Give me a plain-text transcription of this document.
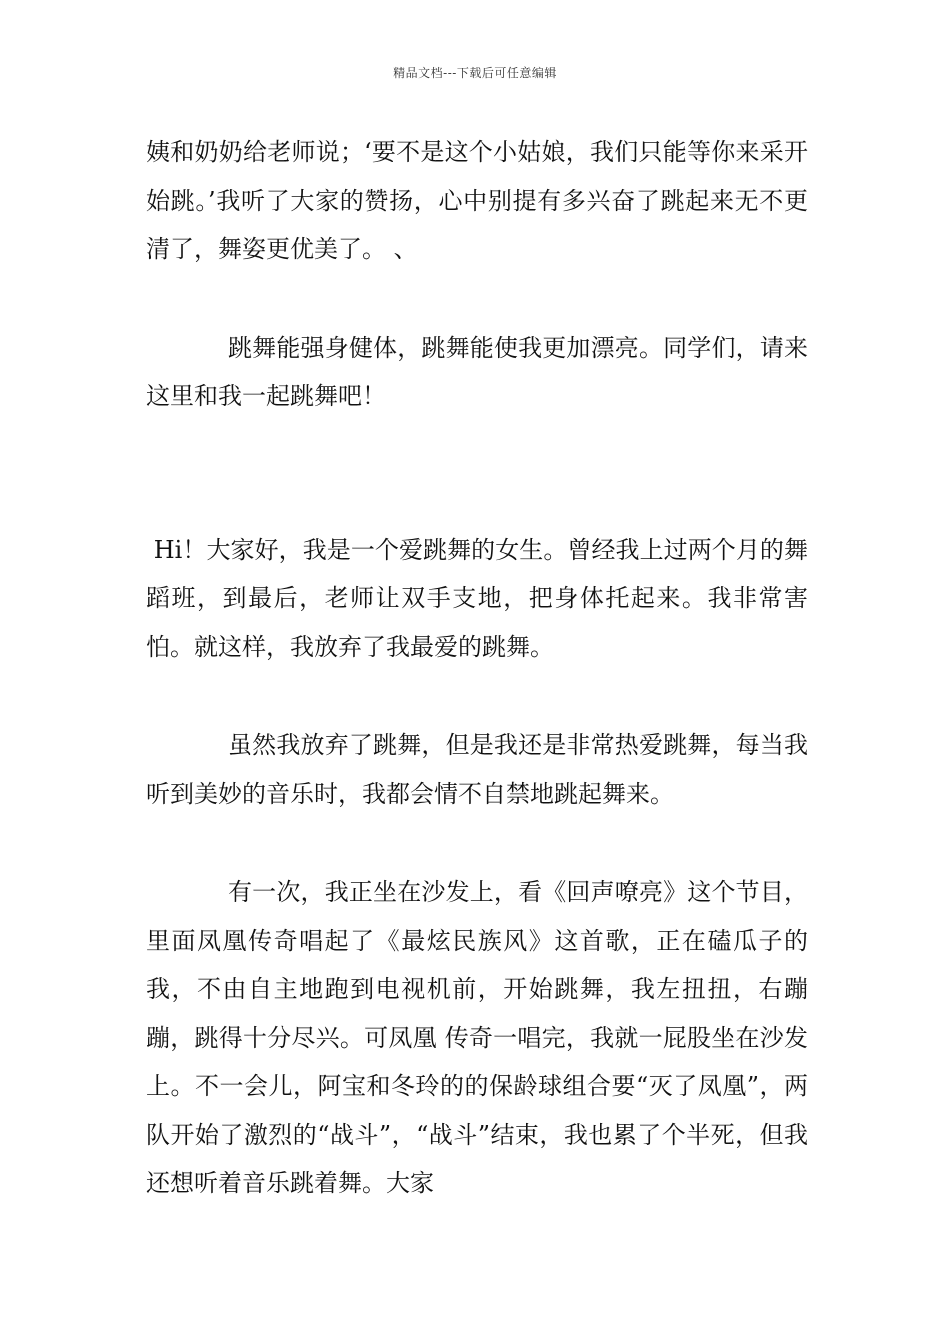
精品文档---下载后可任意编辑

姨和奶奶给老师说；‘要不是这个小姑娘，我们只能等你来采开始跳。’我听了大家的赞扬，心中别提有多兴奋了跳起来无不更清了，舞姿更优美了。 、

跳舞能强身健体，跳舞能使我更加漂亮。同学们，请来这里和我一起跳舞吧！

Hi！大家好，我是一个爱跳舞的女生。曾经我上过两个月的舞蹈班，到最后，老师让双手支地，把身体托起来。我非常害怕。就这样，我放弃了我最爱的跳舞。

虽然我放弃了跳舞，但是我还是非常热爱跳舞，每当我听到美妙的音乐时，我都会情不自禁地跳起舞来。

有一次，我正坐在沙发上，看《回声嘹亮》这个节目，里面凤凰传奇唱起了《最炫民族风》这首歌，正在磕瓜子的我，不由自主地跑到电视机前，开始跳舞，我左扭扭，右蹦蹦，跳得十分尽兴。可凤凰 传奇一唱完，我就一屁股坐在沙发上。不一会儿，阿宝和冬玲的的保龄球组合要“灭了凤凰”，两队开始了激烈的“战斗”，“战斗”结束，我也累了个半死，但我还想听着音乐跳着舞。大家
